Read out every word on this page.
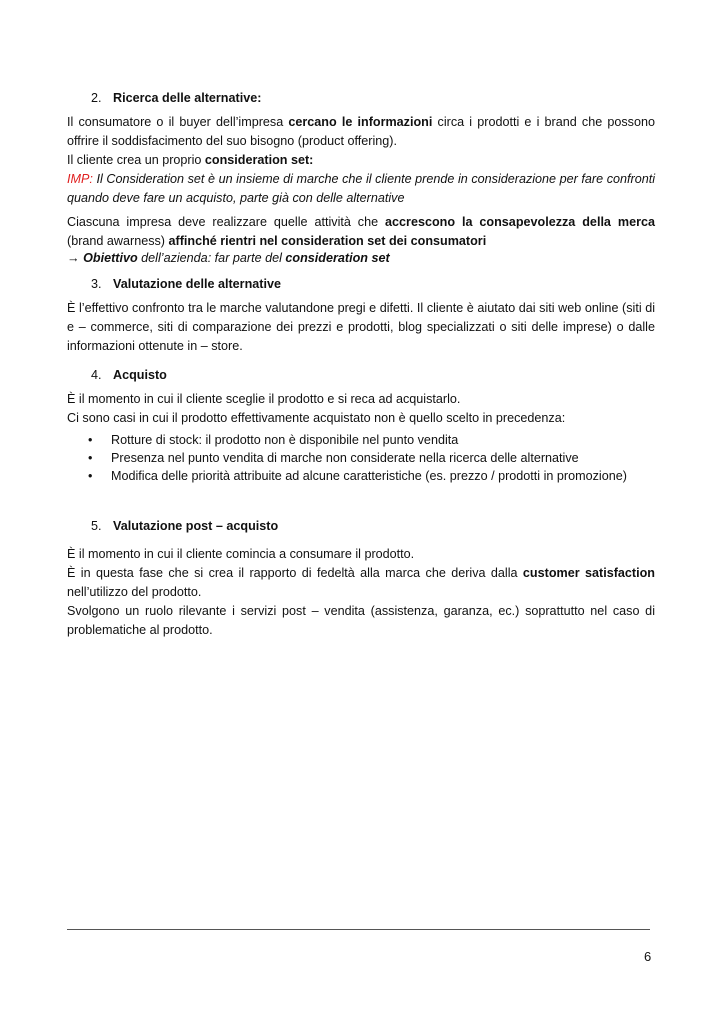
2. Ricerca delle alternative:
Il consumatore o il buyer dell’impresa cercano le informazioni circa i prodotti e i brand che possono offrire il soddisfacimento del suo bisogno (product offering).
Il cliente crea un proprio consideration set:
IMP: Il Consideration set è un insieme di marche che il cliente prende in considerazione per fare confronti quando deve fare un acquisto, parte già con delle alternative
Ciascuna impresa deve realizzare quelle attività che accrescono la consapevolezza della merca (brand awarness) affinché rientri nel consideration set dei consumatori
→ Obiettivo dell’azienda: far parte del consideration set
3. Valutazione delle alternative
È l’effettivo confronto tra le marche valutandone pregi e difetti. Il cliente è aiutato dai siti web online (siti di e – commerce, siti di comparazione dei prezzi e prodotti, blog specializzati o siti delle imprese) o dalle informazioni ottenute in – store.
4. Acquisto
È il momento in cui il cliente sceglie il prodotto e si reca ad acquistarlo.
Ci sono casi in cui il prodotto effettivamente acquistato non è quello scelto in precedenza:
• Rotture di stock: il prodotto non è disponibile nel punto vendita
• Presenza nel punto vendita di marche non considerate nella ricerca delle alternative
• Modifica delle priorità attribuite ad alcune caratteristiche (es. prezzo / prodotti in promozione)
5. Valutazione post – acquisto
È il momento in cui il cliente comincia a consumare il prodotto.
È in questa fase che si crea il rapporto di fedeltà alla marca che deriva dalla customer satisfaction nell’utilizzo del prodotto.
Svolgono un ruolo rilevante i servizi post – vendita (assistenza, garanza, ec.) soprattutto nel caso di problematiche al prodotto.
6
